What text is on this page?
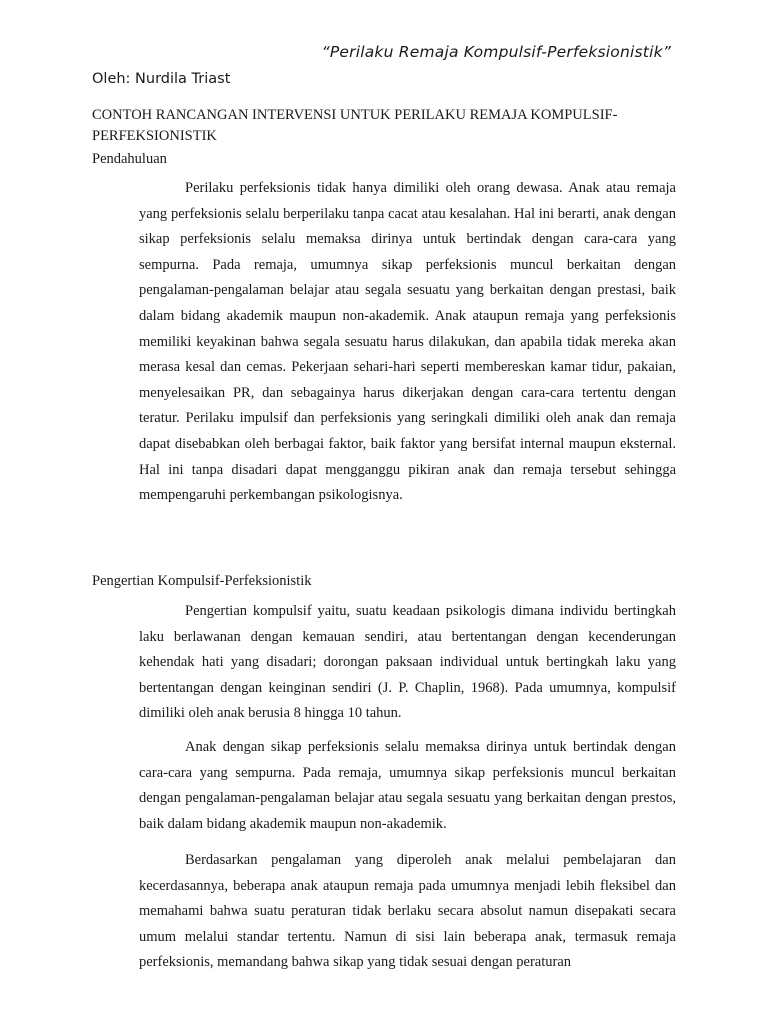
“Perilaku Remaja Kompulsif-Perfeksionistik”
Oleh: Nurdila Triast
CONTOH RANCANGAN INTERVENSI UNTUK PERILAKU REMAJA KOMPULSIF-PERFEKSIONISTIK
Pendahuluan

Perilaku perfeksionis tidak hanya dimiliki oleh orang dewasa. Anak atau remaja yang perfeksionis selalu berperilaku tanpa cacat atau kesalahan. Hal ini berarti, anak dengan sikap perfeksionis selalu memaksa dirinya untuk bertindak dengan cara-cara yang sempurna. Pada remaja, umumnya sikap perfeksionis muncul berkaitan dengan pengalaman-pengalaman belajar atau segala sesuatu yang berkaitan dengan prestasi, baik dalam bidang akademik maupun non-akademik. Anak ataupun remaja yang perfeksionis memiliki keyakinan bahwa segala sesuatu harus dilakukan, dan apabila tidak mereka akan merasa kesal dan cemas. Pekerjaan sehari-hari seperti membereskan kamar tidur, pakaian, menyelesaikan PR, dan sebagainya harus dikerjakan dengan cara-cara tertentu dengan teratur. Perilaku impulsif dan perfeksionis yang seringkali dimiliki oleh anak dan remaja dapat disebabkan oleh berbagai faktor, baik faktor yang bersifat internal maupun eksternal. Hal ini tanpa disadari dapat mengganggu pikiran anak dan remaja tersebut sehingga mempengaruhi perkembangan psikologisnya.

Pengertian Kompulsif-Perfeksionistik

Pengertian kompulsif yaitu, suatu keadaan psikologis dimana individu bertingkah laku berlawanan dengan kemauan sendiri, atau bertentangan dengan kecenderungan kehendak hati yang disadari; dorongan paksaan individual untuk bertingkah laku yang bertentangan dengan keinginan sendiri (J. P. Chaplin, 1968). Pada umumnya, kompulsif dimiliki oleh anak berusia 8 hingga 10 tahun.

Anak dengan sikap perfeksionis selalu memaksa dirinya untuk bertindak dengan cara-cara yang sempurna. Pada remaja, umumnya sikap perfeksionis muncul berkaitan dengan pengalaman-pengalaman belajar atau segala sesuatu yang berkaitan dengan prestos, baik dalam bidang akademik maupun non-akademik.

Berdasarkan pengalaman yang diperoleh anak melalui pembelajaran dan kecerdasannya, beberapa anak ataupun remaja pada umumnya menjadi lebih fleksibel dan memahami bahwa suatu peraturan tidak berlaku secara absolut namun disepakati secara umum melalui standar tertentu. Namun di sisi lain beberapa anak, termasuk remaja perfeksionis, memandang bahwa sikap yang tidak sesuai dengan peraturan
